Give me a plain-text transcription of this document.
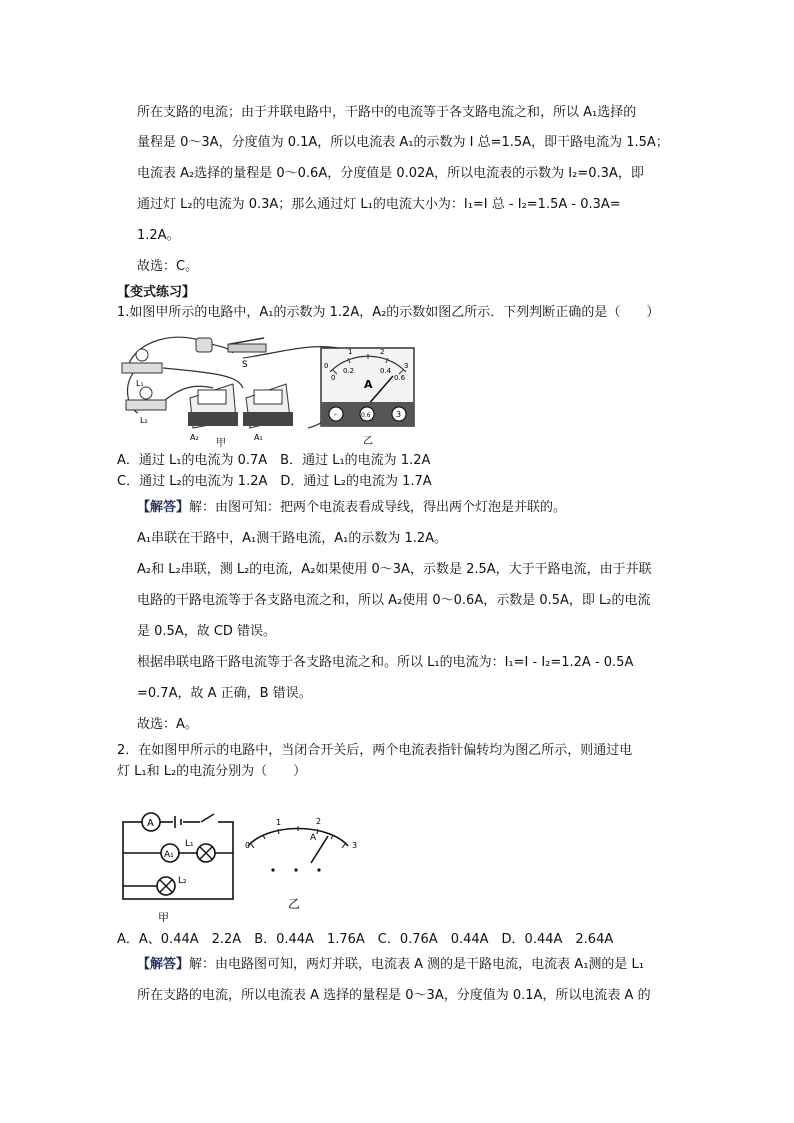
所在支路的电流；由于并联电路中，干路中的电流等于各支路电流之和，所以 A₁选择的
量程是 0～3A，分度值为 0.1A，所以电流表 A₁的示数为 I 总=1.5A，即干路电流为 1.5A；
电流表 A₂选择的量程是 0～0.6A，分度值是 0.02A，所以电流表的示数为 I₂=0.3A，即
通过灯 L₂的电流为 0.3A；那么通过灯 L₁的电流大小为：I₁=I 总 - I₂=1.5A - 0.3A=
1.2A。
故选：C。
【变式练习】
1.如图甲所示的电路中，A₁的示数为 1.2A，A₂的示数如图乙所示．下列判断正确的是（　　）
S
L₁
L₂
A₂
甲
A₁
0
0.2	0.4
0.6
0
1	2
3
A
-	0.6	3
乙
A．通过 L₁的电流为 0.7A　B．通过 L₁的电流为 1.2A
C．通过 L₂的电流为 1.2A　D．通过 L₂的电流为 1.7A
【解答】解：由图可知：把两个电流表看成导线，得出两个灯泡是并联的。
A₁串联在干路中，A₁测干路电流，A₁的示数为 1.2A。
A₂和 L₂串联，测 L₂的电流，A₂如果使用 0～3A，示数是 2.5A，大于干路电流，由于并联
电路的干路电流等于各支路电流之和，所以 A₂使用 0～0.6A，示数是 0.5A，即 L₂的电流
是 0.5A，故 CD 错误。
根据串联电路干路电流等于各支路电流之和。所以 L₁的电流为：I₁=I - I₂=1.2A - 0.5A
=0.7A，故 A 正确，B 错误。
故选：A。
2．在如图甲所示的电路中，当闭合开关后，两个电流表指针偏转均为图乙所示，则通过电
灯 L₁和 L₂的电流分别为（　　）
A
A₁
L₁
L₂
甲
0
1	2
3
A
乙
A．A、0.44A　2.2A　B．0.44A　1.76A　C．0.76A　0.44A　D．0.44A　2.64A
【解答】解：由电路图可知，两灯并联，电流表 A 测的是干路电流，电流表 A₁测的是 L₁
所在支路的电流，所以电流表 A 选择的量程是 0～3A，分度值为 0.1A，所以电流表 A 的
